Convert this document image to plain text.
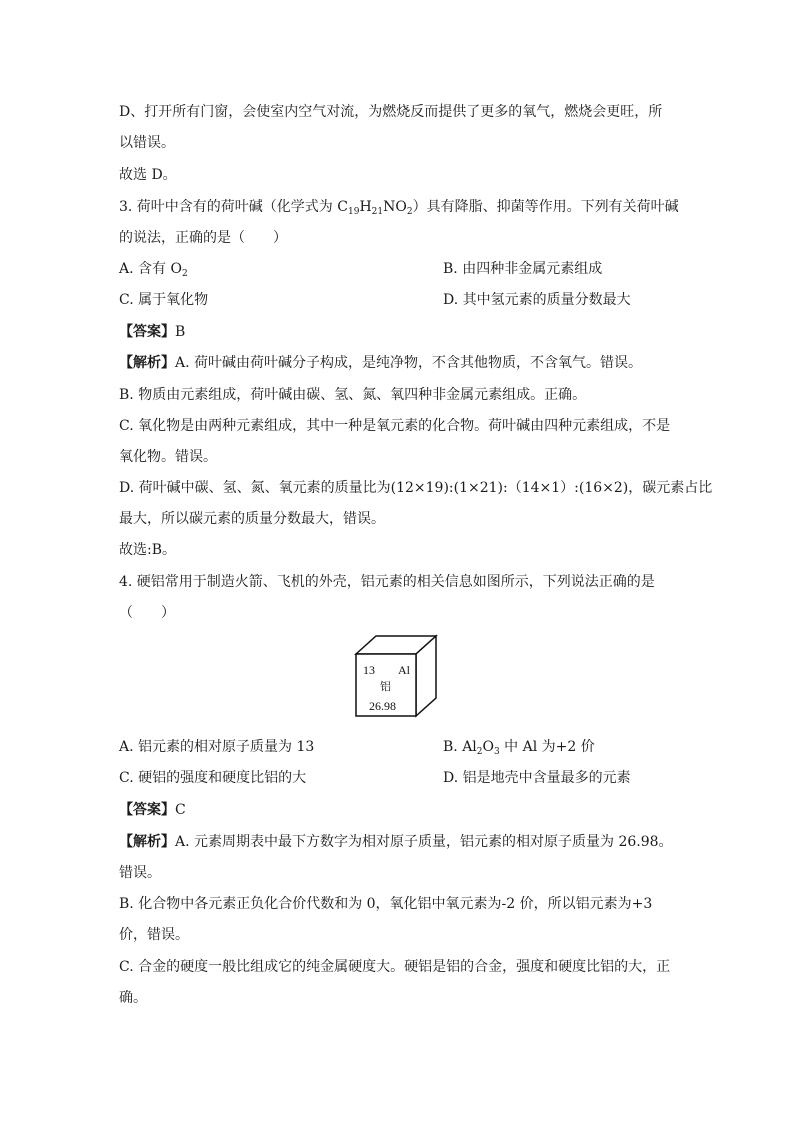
D、打开所有门窗，会使室内空气对流，为燃烧反而提供了更多的氧气，燃烧会更旺，所
以错误。
故选 D。
3. 荷叶中含有的荷叶碱（化学式为 $C_{19}H_{21}NO_2$）具有降脂、抑菌等作用。下列有关荷叶碱
的说法，正确的是（　　）
A. 含有 $O_2$	B. 由四种非金属元素组成
C. 属于氧化物	D. 其中氢元素的质量分数最大
【答案】B
【解析】A. 荷叶碱由荷叶碱分子构成，是纯净物，不含其他物质，不含氧气。错误。
B. 物质由元素组成，荷叶碱由碳、氢、氮、氧四种非金属元素组成。正确。
C. 氧化物是由两种元素组成，其中一种是氧元素的化合物。荷叶碱由四种元素组成，不是
氧化物。错误。
D. 荷叶碱中碳、氢、氮、氧元素的质量比为(12×19):(1×21):（14×1）:(16×2)，碳元素占比
最大，所以碳元素的质量分数最大，错误。
故选:B。
4. 硬铝常用于制造火箭、飞机的外壳，铝元素的相关信息如图所示，下列说法正确的是
（　　）
13 Al
铝
26.98
A. 铝元素的相对原子质量为 13	B. $Al_2O_3$ 中 Al 为+2 价
C. 硬铝的强度和硬度比铝的大	D. 铝是地壳中含量最多的元素
【答案】C
【解析】A. 元素周期表中最下方数字为相对原子质量，铝元素的相对原子质量为 26.98。
错误。
B. 化合物中各元素正负化合价代数和为 0，氧化铝中氧元素为-2 价，所以铝元素为+3
价，错误。
C. 合金的硬度一般比组成它的纯金属硬度大。硬铝是铝的合金，强度和硬度比铝的大，正
确。
